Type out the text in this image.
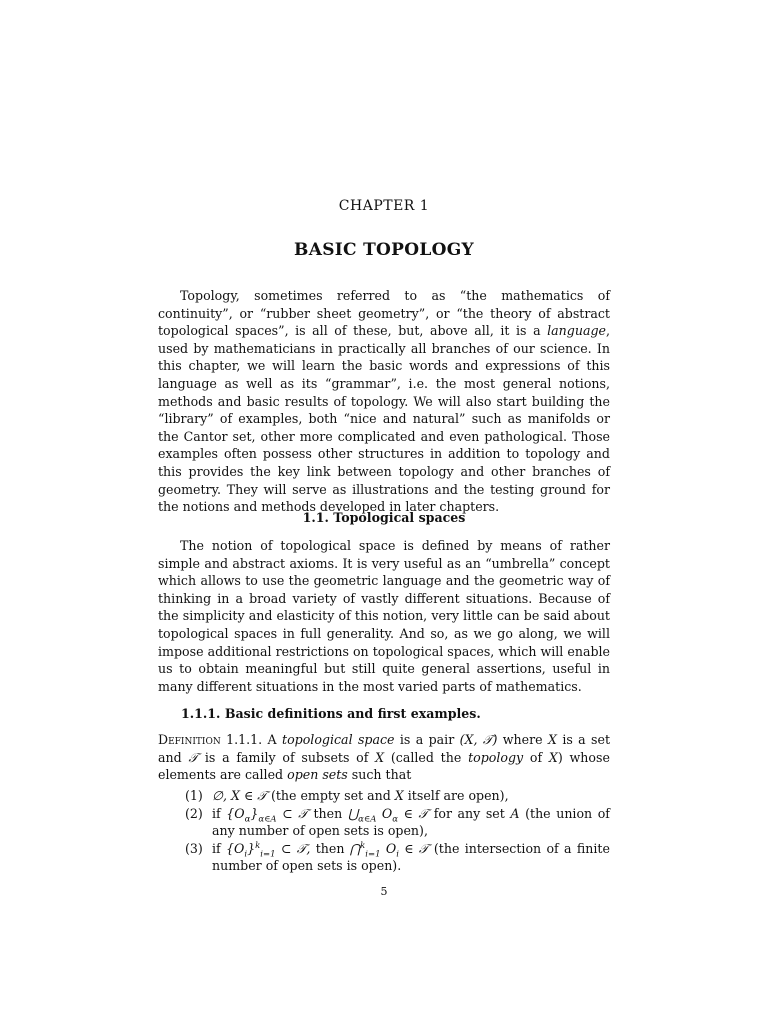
CHAPTER 1
BASIC TOPOLOGY

Topology, sometimes referred to as “the mathematics of continuity”, or “rubber sheet geometry”, or “the theory of abstract topological spaces”, is all of these, but, above all, it is a language, used by mathematicians in practically all branches of our science. In this chapter, we will learn the basic words and expressions of this language as well as its “grammar”, i.e. the most general notions, methods and basic results of topology. We will also start building the “library” of examples, both “nice and natural” such as manifolds or the Cantor set, other more complicated and even pathological. Those examples often possess other structures in addition to topology and this provides the key link between topology and other branches of geometry. They will serve as illustrations and the testing ground for the notions and methods developed in later chapters.

1.1. Topological spaces

The notion of topological space is defined by means of rather simple and abstract axioms. It is very useful as an “umbrella” concept which allows to use the geometric language and the geometric way of thinking in a broad variety of vastly different situations. Because of the simplicity and elasticity of this notion, very little can be said about topological spaces in full generality. And so, as we go along, we will impose additional restrictions on topological spaces, which will enable us to obtain meaningful but still quite general assertions, useful in many different situations in the most varied parts of mathematics.

1.1.1. Basic definitions and first examples.

Definition 1.1.1. A topological space is a pair (X, 𝒯) where X is a set and 𝒯 is a family of subsets of X (called the topology of X) whose elements are called open sets such that

(1) ∅, X ∈ 𝒯 (the empty set and X itself are open),
(2) if $\{O_\alpha\}_{\alpha\in A}$ ⊂ 𝒯 then $⋃_{\alpha\in A}$ $O_\alpha$ ∈ 𝒯 for any set A (the union of any number of open sets is open),
(3) if $\{O_i\}^k_{i=1}$ ⊂ 𝒯, then ⋂$^k_{i=1}$ $O_i$ ∈ 𝒯 (the intersection of a finite number of open sets is open).
5
